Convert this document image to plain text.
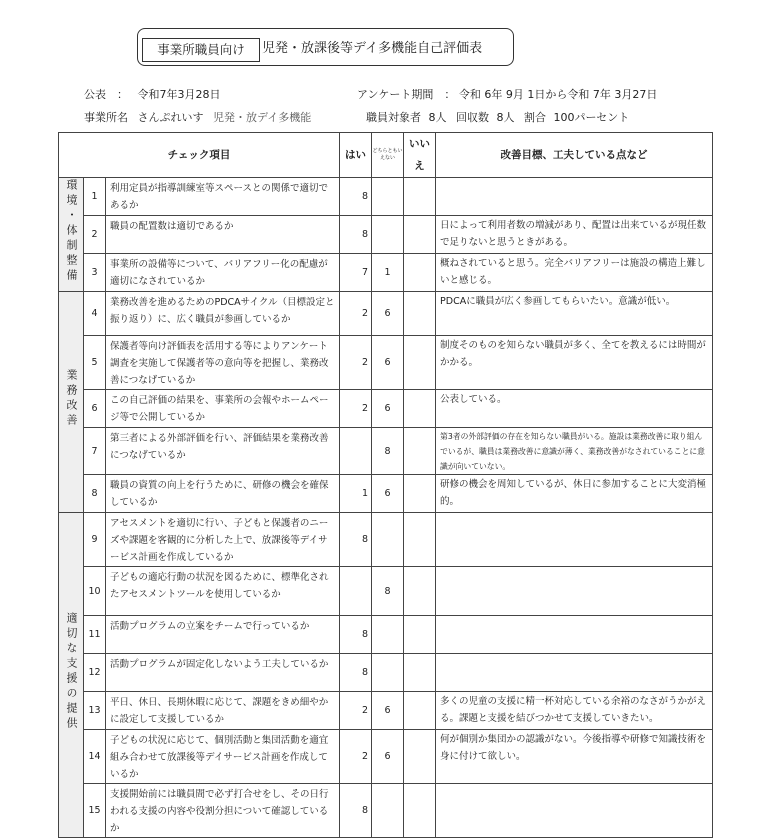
事業所職員向け	児発・放課後等デイ多機能自己評価表
公表　： 令和7年3月28日	アンケート期間　： 令和 6年 9月 1日から令和 7年 3月27日
事業所名 さんぷれいす 児発・放デイ多機能	職員対象者 8人 回収数 8人 割合 100パーセント
チェック項目			はい	どちらともいえない	いいえ	改善目標、工夫している点など
環境・体制整備	1	利用定員が指導訓練室等スペースとの関係で適切であるか	8			
	2	職員の配置数は適切であるか	8			日によって利用者数の増減があり、配置は出来ているが現任数で足りないと思うときがある。
	3	事業所の設備等について、バリアフリー化の配慮が適切になされているか	7	1		概ねされていると思う。完全バリアフリーは施設の構造上難しいと感じる。
業務改善	4	業務改善を進めるためのPDCAサイクル（目標設定と振り返り）に、広く職員が参画しているか	2	6		PDCAに職員が広く参画してもらいたい。意識が低い。
	5	保護者等向け評価表を活用する等によりアンケート調査を実施して保護者等の意向等を把握し、業務改善につなげているか	2	6		制度そのものを知らない職員が多く、全てを教えるには時間がかかる。
	6	この自己評価の結果を、事業所の会報やホームページ等で公開しているか	2	6		公表している。
	7	第三者による外部評価を行い、評価結果を業務改善につなげているか		8		第3者の外部評価の存在を知らない職員がいる。施設は業務改善に取り組んでいるが、職員は業務改善に意識が薄く、業務改善がなされていることに意識が向いていない。
	8	職員の資質の向上を行うために、研修の機会を確保しているか	1	6		研修の機会を周知しているが、休日に参加することに大変消極的。
適切な支援の提供	9	アセスメントを適切に行い、子どもと保護者のニーズや課題を客観的に分析した上で、放課後等デイサービス計画を作成しているか	8			
	10	子どもの適応行動の状況を図るために、標準化されたアセスメントツールを使用しているか		8		
	11	活動プログラムの立案をチームで行っているか	8			
	12	活動プログラムが固定化しないよう工夫しているか	8			
	13	平日、休日、長期休暇に応じて、課題をきめ細やかに設定して支援しているか	2	6		多くの児童の支援に精一杯対応している余裕のなさがうかがえる。課題と支援を結びつかせて支援していきたい。
	14	子どもの状況に応じて、個別活動と集団活動を適宜組み合わせて放課後等デイサービス計画を作成しているか	2	6		何が個別か集団かの認識がない。今後指導や研修で知識技術を身に付けて欲しい。
	15	支援開始前には職員間で必ず打合せをし、その日行われる支援の内容や役割分担について確認しているか	8			
